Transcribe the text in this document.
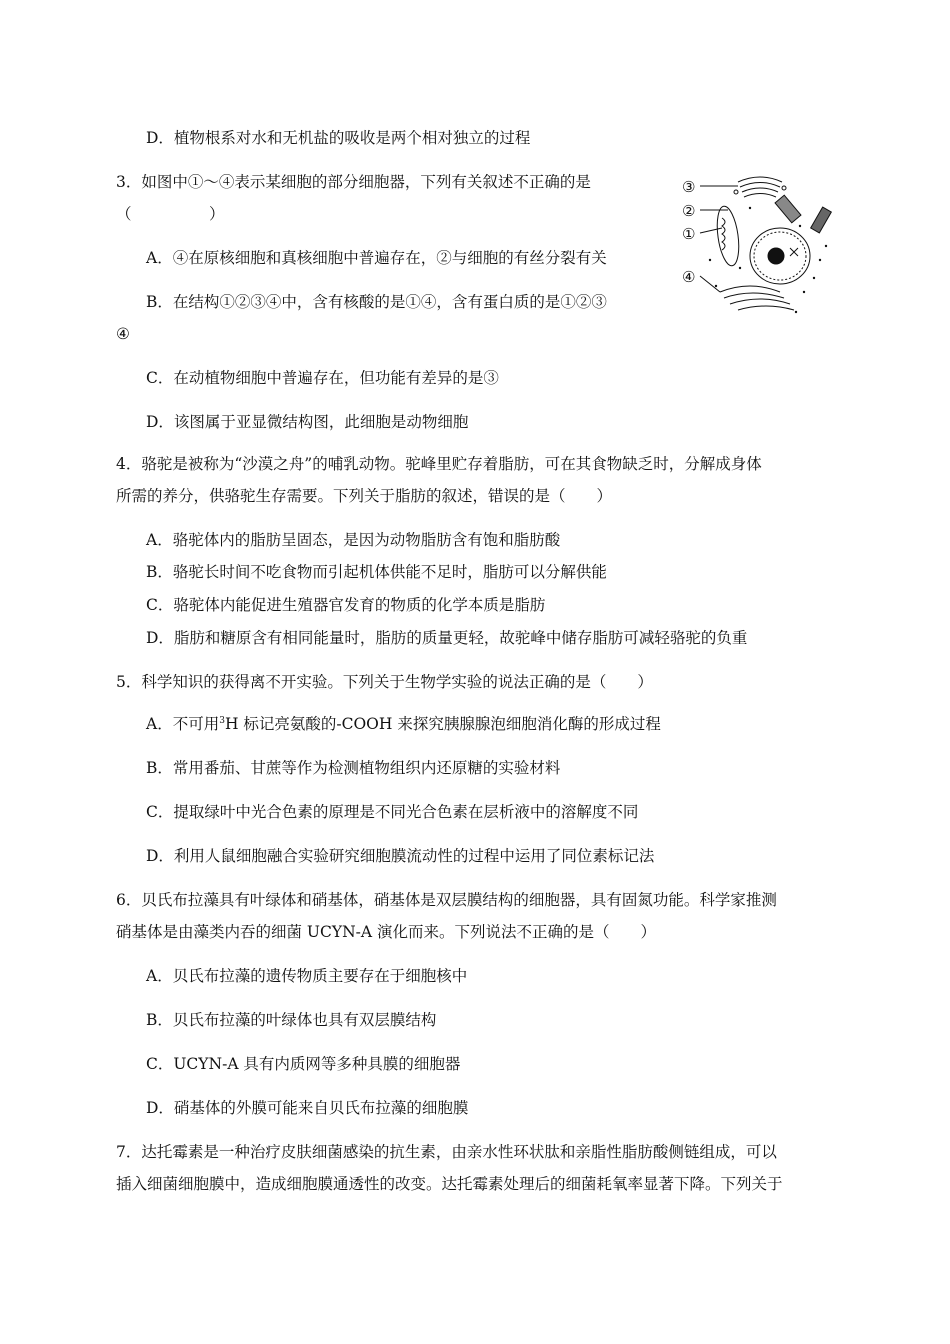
D．植物根系对水和无机盐的吸收是两个相对独立的过程
3．如图中①～④表示某细胞的部分细胞器，下列有关叙述不正确的是
（　　　　　）
A．④在原核细胞和真核细胞中普遍存在，②与细胞的有丝分裂有关
B．在结构①②③④中，含有核酸的是①④，含有蛋白质的是①②③
④
C．在动植物细胞中普遍存在，但功能有差异的是③
D．该图属于亚显微结构图，此细胞是动物细胞
③
②
①
④
4．骆驼是被称为“沙漠之舟”的哺乳动物。驼峰里贮存着脂肪，可在其食物缺乏时，分解成身体
所需的养分，供骆驼生存需要。下列关于脂肪的叙述，错误的是（　　）
A．骆驼体内的脂肪呈固态，是因为动物脂肪含有饱和脂肪酸
B．骆驼长时间不吃食物而引起机体供能不足时，脂肪可以分解供能
C．骆驼体内能促进生殖器官发育的物质的化学本质是脂肪
D．脂肪和糖原含有相同能量时，脂肪的质量更轻，故驼峰中储存脂肪可减轻骆驼的负重
5．科学知识的获得离不开实验。下列关于生物学实验的说法正确的是（　　）
A．不可用$^3$H 标记亮氨酸的-COOH 来探究胰腺腺泡细胞消化酶的形成过程
B．常用番茄、甘蔗等作为检测植物组织内还原糖的实验材料
C．提取绿叶中光合色素的原理是不同光合色素在层析液中的溶解度不同
D．利用人鼠细胞融合实验研究细胞膜流动性的过程中运用了同位素标记法
6．贝氏布拉藻具有叶绿体和硝基体，硝基体是双层膜结构的细胞器，具有固氮功能。科学家推测
硝基体是由藻类内吞的细菌 UCYN-A 演化而来。下列说法不正确的是（　　）
A．贝氏布拉藻的遗传物质主要存在于细胞核中
B．贝氏布拉藻的叶绿体也具有双层膜结构
C．UCYN-A 具有内质网等多种具膜的细胞器
D．硝基体的外膜可能来自贝氏布拉藻的细胞膜
7．达托霉素是一种治疗皮肤细菌感染的抗生素，由亲水性环状肽和亲脂性脂肪酸侧链组成，可以
插入细菌细胞膜中，造成细胞膜通透性的改变。达托霉素处理后的细菌耗氧率显著下降。下列关于
